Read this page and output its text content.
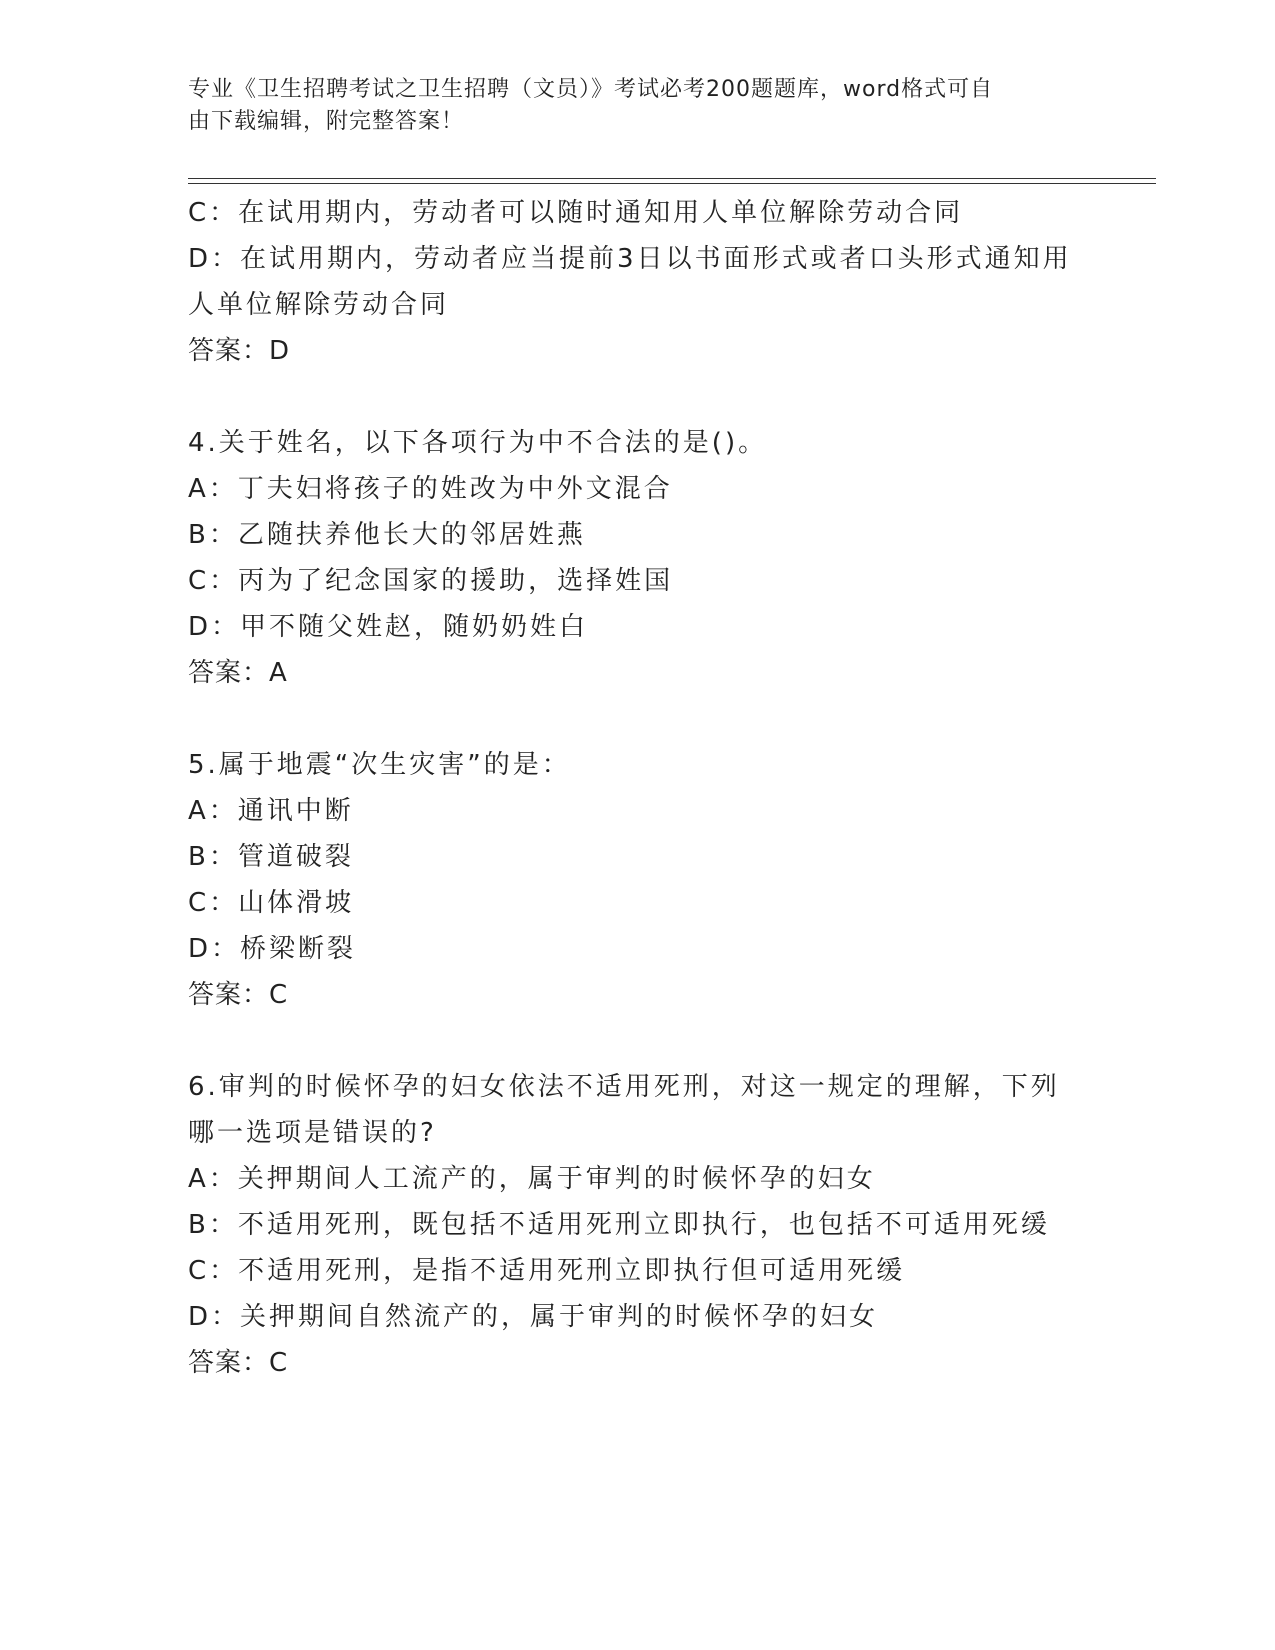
专业《卫生招聘考试之卫生招聘（文员）》考试必考200题题库，word格式可自
由下载编辑，附完整答案！
C：在试用期内，劳动者可以随时通知用人单位解除劳动合同
D：在试用期内，劳动者应当提前3日以书面形式或者口头形式通知用
人单位解除劳动合同
答案：D
4.关于姓名，以下各项行为中不合法的是()。
A：丁夫妇将孩子的姓改为中外文混合
B：乙随扶养他长大的邻居姓燕
C：丙为了纪念国家的援助，选择姓国
D：甲不随父姓赵，随奶奶姓白
答案：A
5.属于地震“次生灾害”的是：
A：通讯中断
B：管道破裂
C：山体滑坡
D：桥梁断裂
答案：C
6.审判的时候怀孕的妇女依法不适用死刑，对这一规定的理解，下列
哪一选项是错误的?
A：关押期间人工流产的，属于审判的时候怀孕的妇女
B：不适用死刑，既包括不适用死刑立即执行，也包括不可适用死缓
C：不适用死刑，是指不适用死刑立即执行但可适用死缓
D：关押期间自然流产的，属于审判的时候怀孕的妇女
答案：C
